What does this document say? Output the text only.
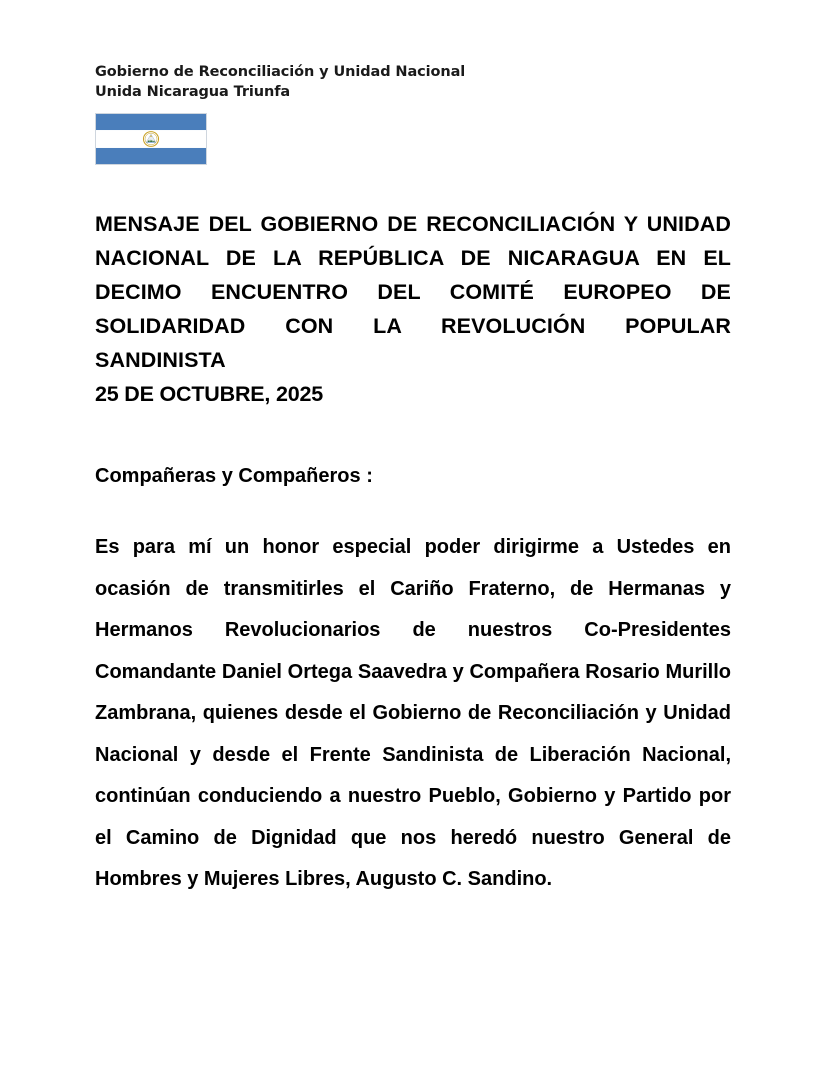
Gobierno de Reconciliación y Unidad Nacional
Unida Nicaragua Triunfa

MENSAJE DEL GOBIERNO DE RECONCILIACIÓN Y UNIDAD NACIONAL DE LA REPÚBLICA DE NICARAGUA EN EL DECIMO ENCUENTRO DEL COMITÉ EUROPEO DE SOLIDARIDAD CON LA REVOLUCIÓN POPULAR SANDINISTA

25 DE OCTUBRE, 2025

Compañeras y Compañeros :

Es para mí un honor especial poder dirigirme a Ustedes en ocasión de transmitirles el Cariño Fraterno, de Hermanas y Hermanos Revolucionarios de nuestros Co-Presidentes Comandante Daniel Ortega Saavedra y Compañera Rosario Murillo Zambrana, quienes desde el Gobierno de Reconciliación y Unidad Nacional y desde el Frente Sandinista de Liberación Nacional, continúan conduciendo a nuestro Pueblo, Gobierno y Partido por el Camino de Dignidad que nos heredó nuestro General de Hombres y Mujeres Libres, Augusto C. Sandino.
